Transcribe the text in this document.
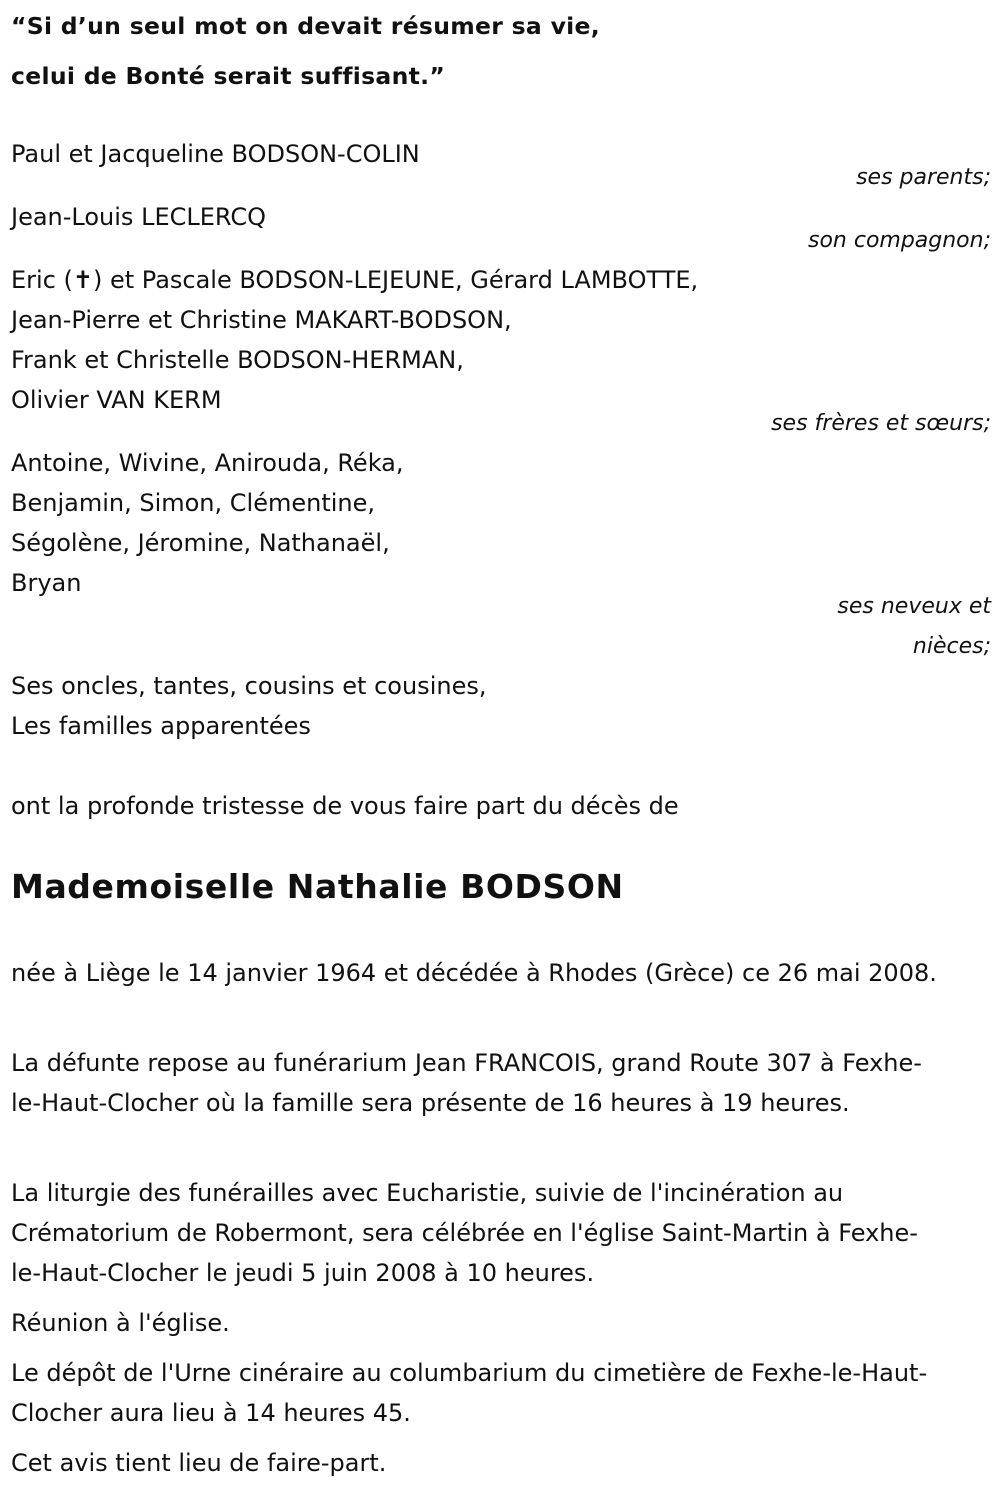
“Si d’un seul mot on devait résumer sa vie,
celui de Bonté serait suffisant.”
Paul et Jacqueline BODSON-COLIN
ses parents;
Jean-Louis LECLERCQ
son compagnon;
Eric (✝) et Pascale BODSON-LEJEUNE, Gérard LAMBOTTE,
Jean-Pierre et Christine MAKART-BODSON,
Frank et Christelle BODSON-HERMAN,
Olivier VAN KERM
ses frères et sœurs;
Antoine, Wivine, Anirouda, Réka,
Benjamin, Simon, Clémentine,
Ségolène, Jéromine, Nathanaël,
Bryan
ses neveux et
nièces;
Ses oncles, tantes, cousins et cousines,
Les familles apparentées
ont la profonde tristesse de vous faire part du décès de
Mademoiselle Nathalie BODSON
née à Liège le 14 janvier 1964 et décédée à Rhodes (Grèce) ce 26 mai 2008.
La défunte repose au funérarium Jean FRANCOIS, grand Route 307 à Fexhe-le-Haut-Clocher où la famille sera présente de 16 heures à 19 heures.
La liturgie des funérailles avec Eucharistie, suivie de l'incinération au Crématorium de Robermont, sera célébrée en l'église Saint-Martin à Fexhe-le-Haut-Clocher le jeudi 5 juin 2008 à 10 heures.
Réunion à l'église.
Le dépôt de l'Urne cinéraire au columbarium du cimetière de Fexhe-le-Haut-Clocher aura lieu à 14 heures 45.
Cet avis tient lieu de faire-part.
